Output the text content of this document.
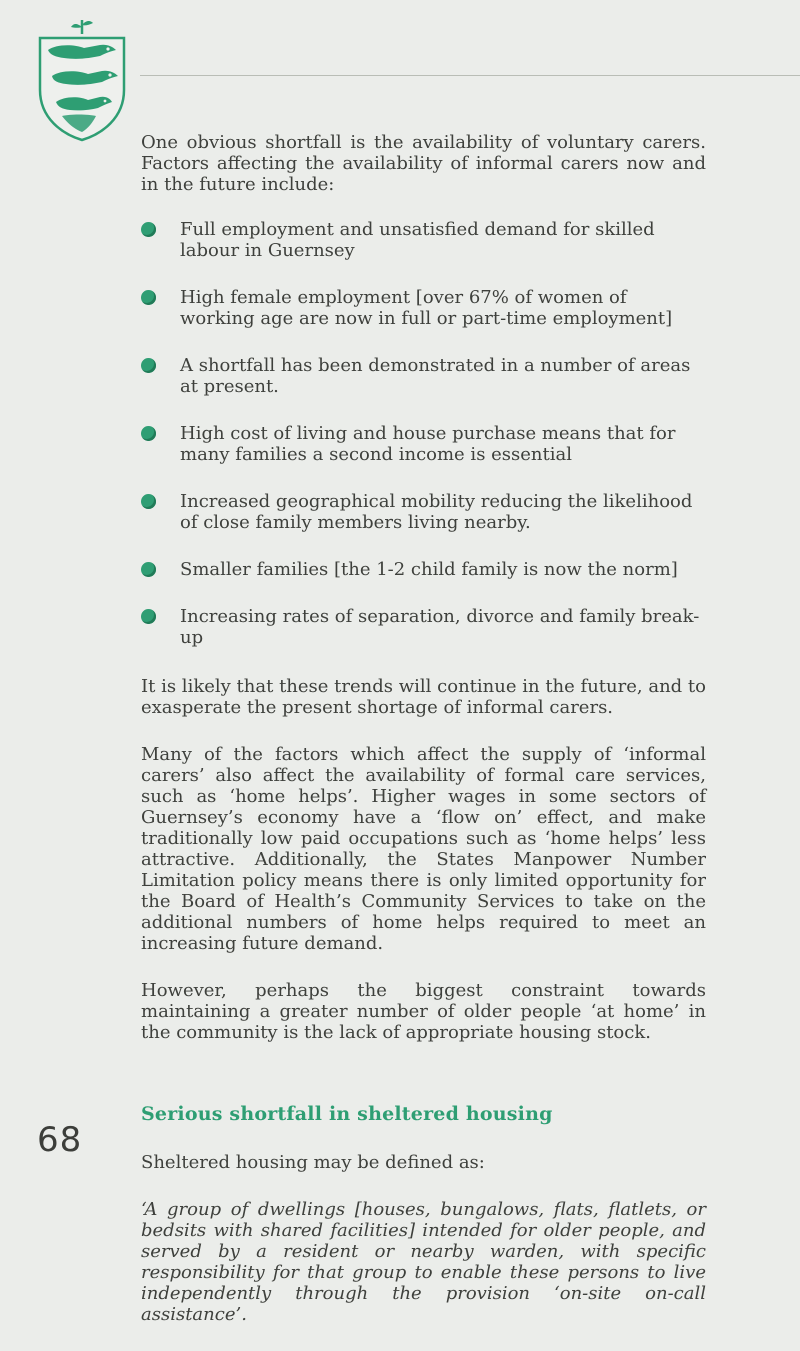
One obvious shortfall is the availability of voluntary carers. Factors affecting the availability of informal carers now and in the future include:

Full employment and unsatisfied demand for skilled labour in Guernsey
High female employment [over 67% of women of working age are now in full or part-time employment]
A shortfall has been demonstrated in a number of areas at present.
High cost of living and house purchase means that for many families a second income is essential
Increased geographical mobility reducing the likelihood of close family members living nearby.
Smaller families [the 1-2 child family is now the norm]
Increasing rates of separation, divorce and family break-up

It is likely that these trends will continue in the future, and to exasperate the present shortage of informal carers.

Many of the factors which affect the supply of ‘informal carers’ also affect the availability of formal care services, such as ‘home helps’. Higher wages in some sectors of Guernsey’s economy have a ‘flow on’ effect, and make traditionally low paid occupations such as ‘home helps’ less attractive. Additionally, the States Manpower Number Limitation policy means there is only limited opportunity for the Board of Health’s Community Services to take on the additional numbers of home helps required to meet an increasing future demand.

However, perhaps the biggest constraint towards maintaining a greater number of older people ‘at home’ in the community is the lack of appropriate housing stock.

Serious shortfall in sheltered housing

Sheltered housing may be defined as:

‘A group of dwellings [houses, bungalows, flats, flatlets, or bedsits with shared facilities] intended for older people, and served by a resident or nearby warden, with specific responsibility for that group to enable these persons to live independently through the provision ‘on-site on-call assistance’.

68
